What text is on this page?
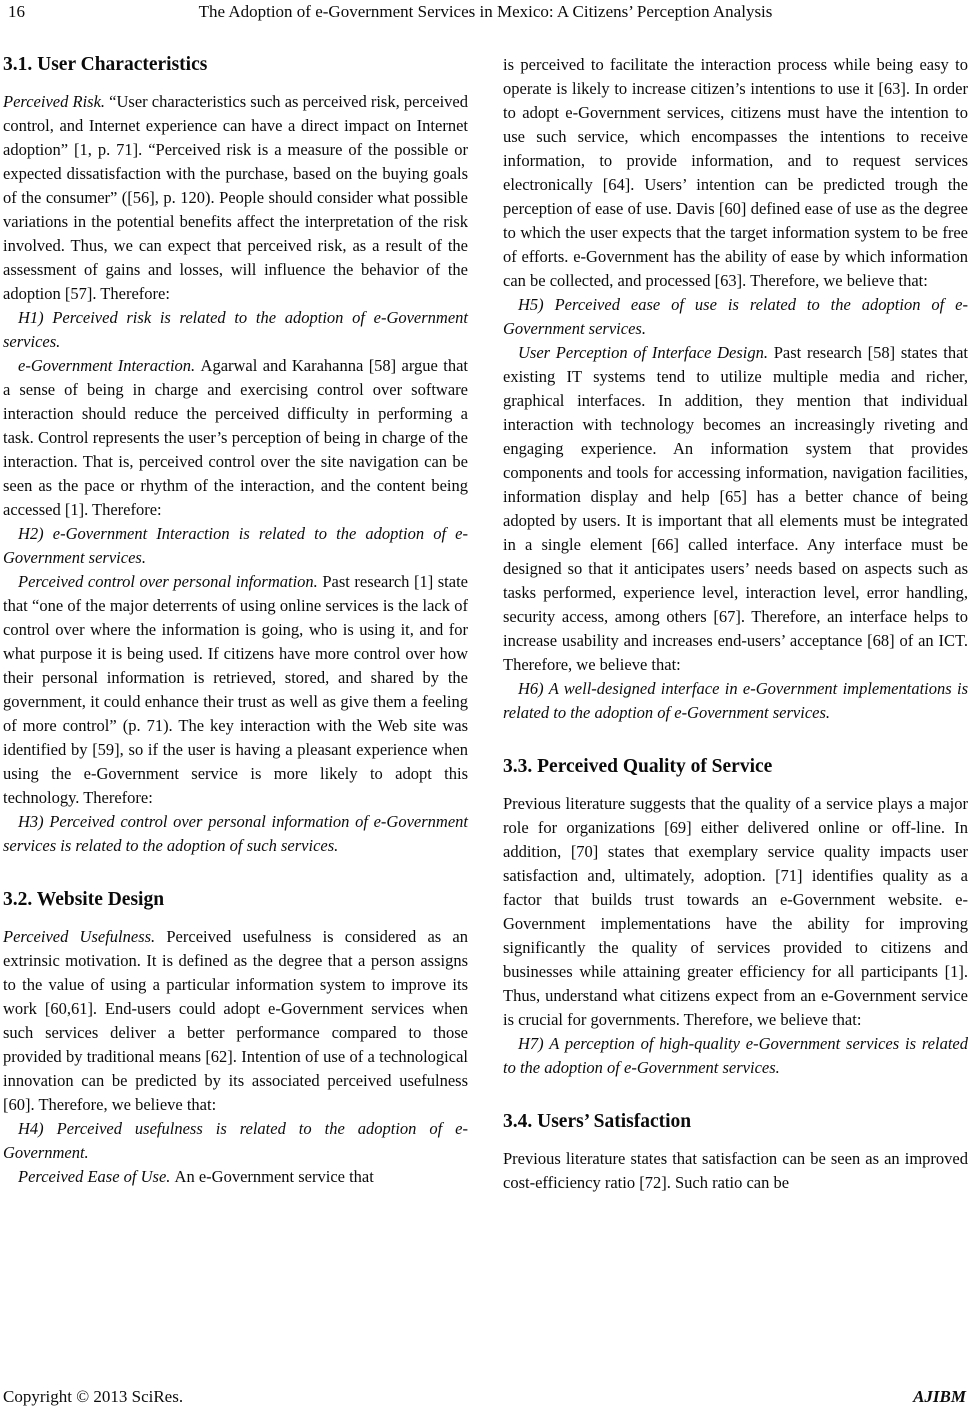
16	The Adoption of e-Government Services in Mexico: A Citizens’ Perception Analysis
3.1. User Characteristics

Perceived Risk. “User characteristics such as perceived risk, perceived control, and Internet experience can have a direct impact on Internet adoption” [1, p. 71]. “Perceived risk is a measure of the possible or expected dissatisfaction with the purchase, based on the buying goals of the consumer” ([56], p. 120). People should consider what possible variations in the potential benefits affect the interpretation of the risk involved. Thus, we can expect that perceived risk, as a result of the assessment of gains and losses, will influence the behavior of the adoption [57]. Therefore:

H1) Perceived risk is related to the adoption of e-Government services.

e-Government Interaction. Agarwal and Karahanna [58] argue that a sense of being in charge and exercising control over software interaction should reduce the perceived difficulty in performing a task. Control represents the user’s perception of being in charge of the interaction. That is, perceived control over the site navigation can be seen as the pace or rhythm of the interaction, and the content being accessed [1]. Therefore:

H2) e-Government Interaction is related to the adoption of e-Government services.

Perceived control over personal information. Past research [1] state that “one of the major deterrents of using online services is the lack of control over where the information is going, who is using it, and for what purpose it is being used. If citizens have more control over how their personal information is retrieved, stored, and shared by the government, it could enhance their trust as well as give them a feeling of more control” (p. 71). The key interaction with the Web site was identified by [59], so if the user is having a pleasant experience when using the e-Government service is more likely to adopt this technology. Therefore:

H3) Perceived control over personal information of e-Government services is related to the adoption of such services.

3.2. Website Design

Perceived Usefulness. Perceived usefulness is considered as an extrinsic motivation. It is defined as the degree that a person assigns to the value of using a particular information system to improve its work [60,61]. End-users could adopt e-Government services when such services deliver a better performance compared to those provided by traditional means [62]. Intention of use of a technological innovation can be predicted by its associated perceived usefulness [60]. Therefore, we believe that:

H4) Perceived usefulness is related to the adoption of e-Government.

Perceived Ease of Use. An e-Government service that

is perceived to facilitate the interaction process while being easy to operate is likely to increase citizen’s intentions to use it [63]. In order to adopt e-Government services, citizens must have the intention to use such service, which encompasses the intentions to receive information, to provide information, and to request services electronically [64]. Users’ intention can be predicted trough the perception of ease of use. Davis [60] defined ease of use as the degree to which the user expects that the target information system to be free of efforts. e-Government has the ability of ease by which information can be collected, and processed [63]. Therefore, we believe that:

H5) Perceived ease of use is related to the adoption of e-Government services.

User Perception of Interface Design. Past research [58] states that existing IT systems tend to utilize multiple media and richer, graphical interfaces. In addition, they mention that individual interaction with technology becomes an increasingly riveting and engaging experience. An information system that provides components and tools for accessing information, navigation facilities, information display and help [65] has a better chance of being adopted by users. It is important that all elements must be integrated in a single element [66] called interface. Any interface must be designed so that it anticipates users’ needs based on aspects such as tasks performed, experience level, interaction level, error handling, security access, among others [67]. Therefore, an interface helps to increase usability and increases end-users’ acceptance [68] of an ICT. Therefore, we believe that:

H6) A well-designed interface in e-Government implementations is related to the adoption of e-Government services.

3.3. Perceived Quality of Service

Previous literature suggests that the quality of a service plays a major role for organizations [69] either delivered online or off-line. In addition, [70] states that exemplary service quality impacts user satisfaction and, ultimately, adoption. [71] identifies quality as a factor that builds trust towards an e-Government website. e-Government implementations have the ability for improving significantly the quality of services provided to citizens and businesses while attaining greater efficiency for all participants [1]. Thus, understand what citizens expect from an e-Government service is crucial for governments. Therefore, we believe that:

H7) A perception of high-quality e-Government services is related to the adoption of e-Government services.

3.4. Users’ Satisfaction

Previous literature states that satisfaction can be seen as an improved cost-efficiency ratio [72]. Such ratio can be

Copyright © 2013 SciRes.	AJIBM
